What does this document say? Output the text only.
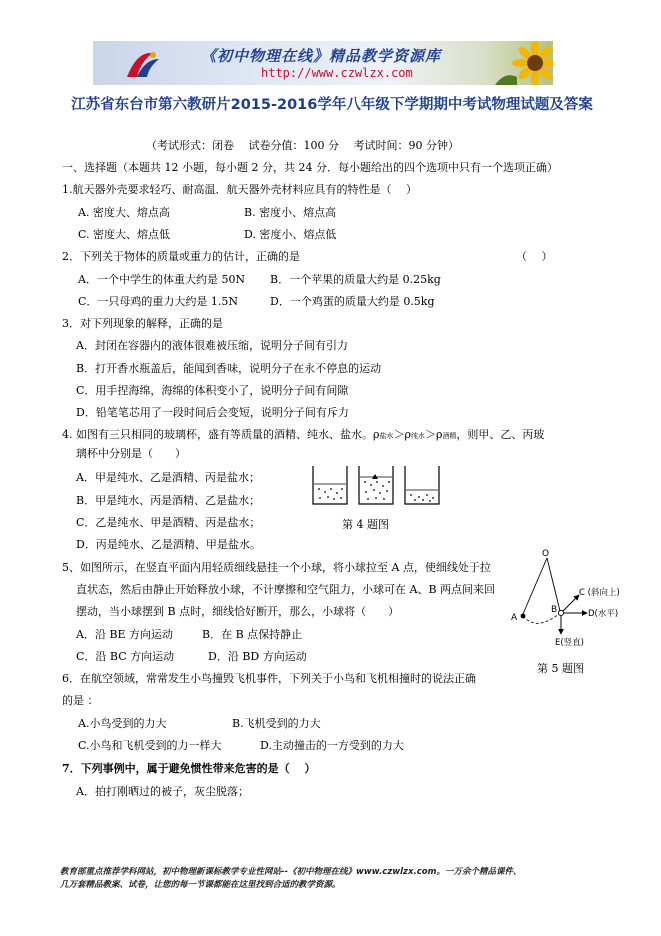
《初中物理在线》精品教学资源库
http://www.czwlzx.com
江苏省东台市第六教研片2015-2016学年八年级下学期期中考试物理试题及答案
（考试形式：闭卷　 试卷分值：100 分　 考试时间：90 分钟）
一、选择题（本题共 12 小题，每小题 2 分，共 24 分．每小题给出的四个选项中只有一个选项正确）
1.航天器外壳要求轻巧、耐高温．航天器外壳材料应具有的特性是（　 ）
A. 密度大、熔点高	B. 密度小、熔点高
C. 密度大、熔点低	D. 密度小、熔点低
2．下列关于物体的质量或重力的估计，正确的是	（　 ）
A．一个中学生的体重大约是 50N B．一个苹果的质量大约是 0.25kg
C．一只母鸡的重力大约是 1.5N	D．一个鸡蛋的质量大约是 0.5kg
3．对下列现象的解释，正确的是
A．封闭在容器内的液体很难被压缩，说明分子间有引力
B．打开香水瓶盖后，能闻到香味，说明分子在永不停息的运动
C．用手捏海绵，海绵的体积变小了，说明分子间有间隙
D．铅笔笔芯用了一段时间后会变短，说明分子间有斥力
4. 如图有三只相同的玻璃杯，盛有等质量的酒精、纯水、盐水。ρ盐水＞ρ纯水＞ρ酒精，则甲、乙、丙玻
璃杯中分别是（　　）
A．甲是纯水、乙是酒精、丙是盐水；
B．甲是纯水、丙是酒精、乙是盐水；
C．乙是纯水、甲是酒精、丙是盐水；
D．丙是纯水、乙是酒精、甲是盐水。
第 4 题图
5、如图所示，在竖直平面内用轻质细线悬挂一个小球，将小球拉至 A 点，使细线处于拉
直状态，然后由静止开始释放小球，不计摩擦和空气阻力，小球可在 A、B 两点间来回
摆动，当小球摆到 B 点时，细线恰好断开，那么，小球将（　　）
A．沿 BE 方向运动	B．在 B 点保持静止
C．沿 BC 方向运动	D．沿 BD 方向运动
O
A
B
C (斜向上)
D(水平)
E(竖直)
第 5 题图
6．在航空领域，常常发生小鸟撞毁飞机事件，下列关于小鸟和飞机相撞时的说法正确
的是 ：
A.小鸟受到的力大	B.飞机受到的力大
C.小鸟和飞机受到的力一样大	D.主动撞击的一方受到的力大
7．下列事例中，属于避免惯性带来危害的是（　 ）
A．拍打刚晒过的被子，灰尘脱落；
教育部重点推荐学科网站，初中物理新课标教学专业性网站--《初中物理在线》www.czwlzx.com。一万余个精品课件、
几万套精品教案、试卷，让您的每一节课都能在这里找到合适的教学资源。
